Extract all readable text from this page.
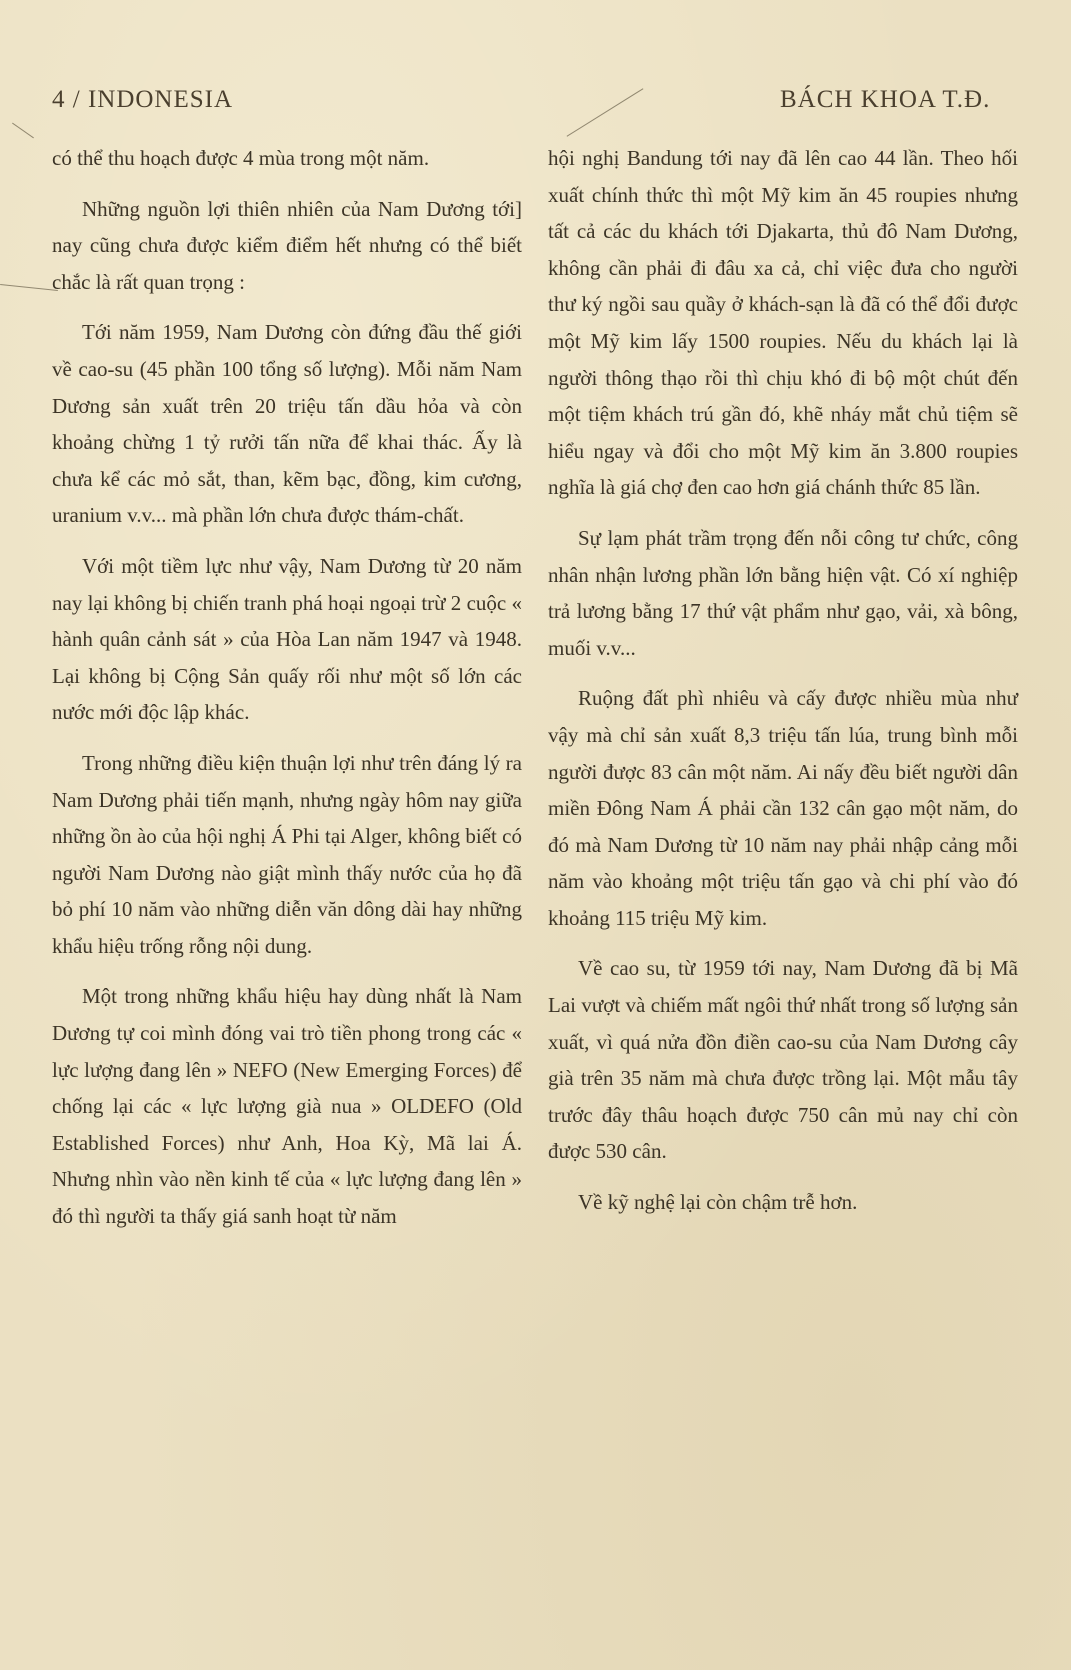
4 / INDONESIA	BÁCH KHOA T.Đ.

có thể thu hoạch được 4 mùa trong một năm.

Những nguồn lợi thiên nhiên của Nam Dương tới] nay cũng chưa được kiểm điểm hết nhưng có thể biết chắc là rất quan trọng :

Tới năm 1959, Nam Dương còn đứng đầu thế giới về cao-su (45 phần 100 tổng số lượng). Mỗi năm Nam Dương sản xuất trên 20 triệu tấn dầu hỏa và còn khoảng chừng 1 tỷ rưởi tấn nữa để khai thác. Ấy là chưa kể các mỏ sắt, than, kẽm bạc, đồng, kim cương, uranium v.v... mà phần lớn chưa được thám-chất.

Với một tiềm lực như vậy, Nam Dương từ 20 năm nay lại không bị chiến tranh phá hoại ngoại trừ 2 cuộc « hành quân cảnh sát » của Hòa Lan năm 1947 và 1948. Lại không bị Cộng Sản quấy rối như một số lớn các nước mới độc lập khác.

Trong những điều kiện thuận lợi như trên đáng lý ra Nam Dương phải tiến mạnh, nhưng ngày hôm nay giữa những ồn ào của hội nghị Á Phi tại Alger, không biết có người Nam Dương nào giật mình thấy nước của họ đã bỏ phí 10 năm vào những diễn văn dông dài hay những khẩu hiệu trống rỗng nội dung.

Một trong những khẩu hiệu hay dùng nhất là Nam Dương tự coi mình đóng vai trò tiền phong trong các « lực lượng đang lên » NEFO (New Emerging Forces) để chống lại các « lực lượng già nua » OLDEFO (Old Established Forces) như Anh, Hoa Kỳ, Mã lai Á. Nhưng nhìn vào nền kinh tế của « lực lượng đang lên » đó thì người ta thấy giá sanh hoạt từ năm

hội nghị Bandung tới nay đã lên cao 44 lần. Theo hối xuất chính thức thì một Mỹ kim ăn 45 roupies nhưng tất cả các du khách tới Djakarta, thủ đô Nam Dương, không cần phải đi đâu xa cả, chỉ việc đưa cho người thư ký ngồi sau quầy ở khách-sạn là đã có thể đổi được một Mỹ kim lấy 1500 roupies. Nếu du khách lại là người thông thạo rồi thì chịu khó đi bộ một chút đến một tiệm khách trú gần đó, khẽ nháy mắt chủ tiệm sẽ hiểu ngay và đổi cho một Mỹ kim ăn 3.800 roupies nghĩa là giá chợ đen cao hơn giá chánh thức 85 lần.

Sự lạm phát trầm trọng đến nỗi công tư chức, công nhân nhận lương phần lớn bằng hiện vật. Có xí nghiệp trả lương bằng 17 thứ vật phẩm như gạo, vải, xà bông, muối v.v...

Ruộng đất phì nhiêu và cấy được nhiều mùa như vậy mà chỉ sản xuất 8,3 triệu tấn lúa, trung bình mỗi người được 83 cân một năm. Ai nấy đều biết người dân miền Đông Nam Á phải cần 132 cân gạo một năm, do đó mà Nam Dương từ 10 năm nay phải nhập cảng mỗi năm vào khoảng một triệu tấn gạo và chi phí vào đó khoảng 115 triệu Mỹ kim.

Về cao su, từ 1959 tới nay, Nam Dương đã bị Mã Lai vượt và chiếm mất ngôi thứ nhất trong số lượng sản xuất, vì quá nửa đồn điền cao-su của Nam Dương cây già trên 35 năm mà chưa được trồng lại. Một mẫu tây trước đây thâu hoạch được 750 cân mủ nay chỉ còn được 530 cân.

Về kỹ nghệ lại còn chậm trễ hơn.
